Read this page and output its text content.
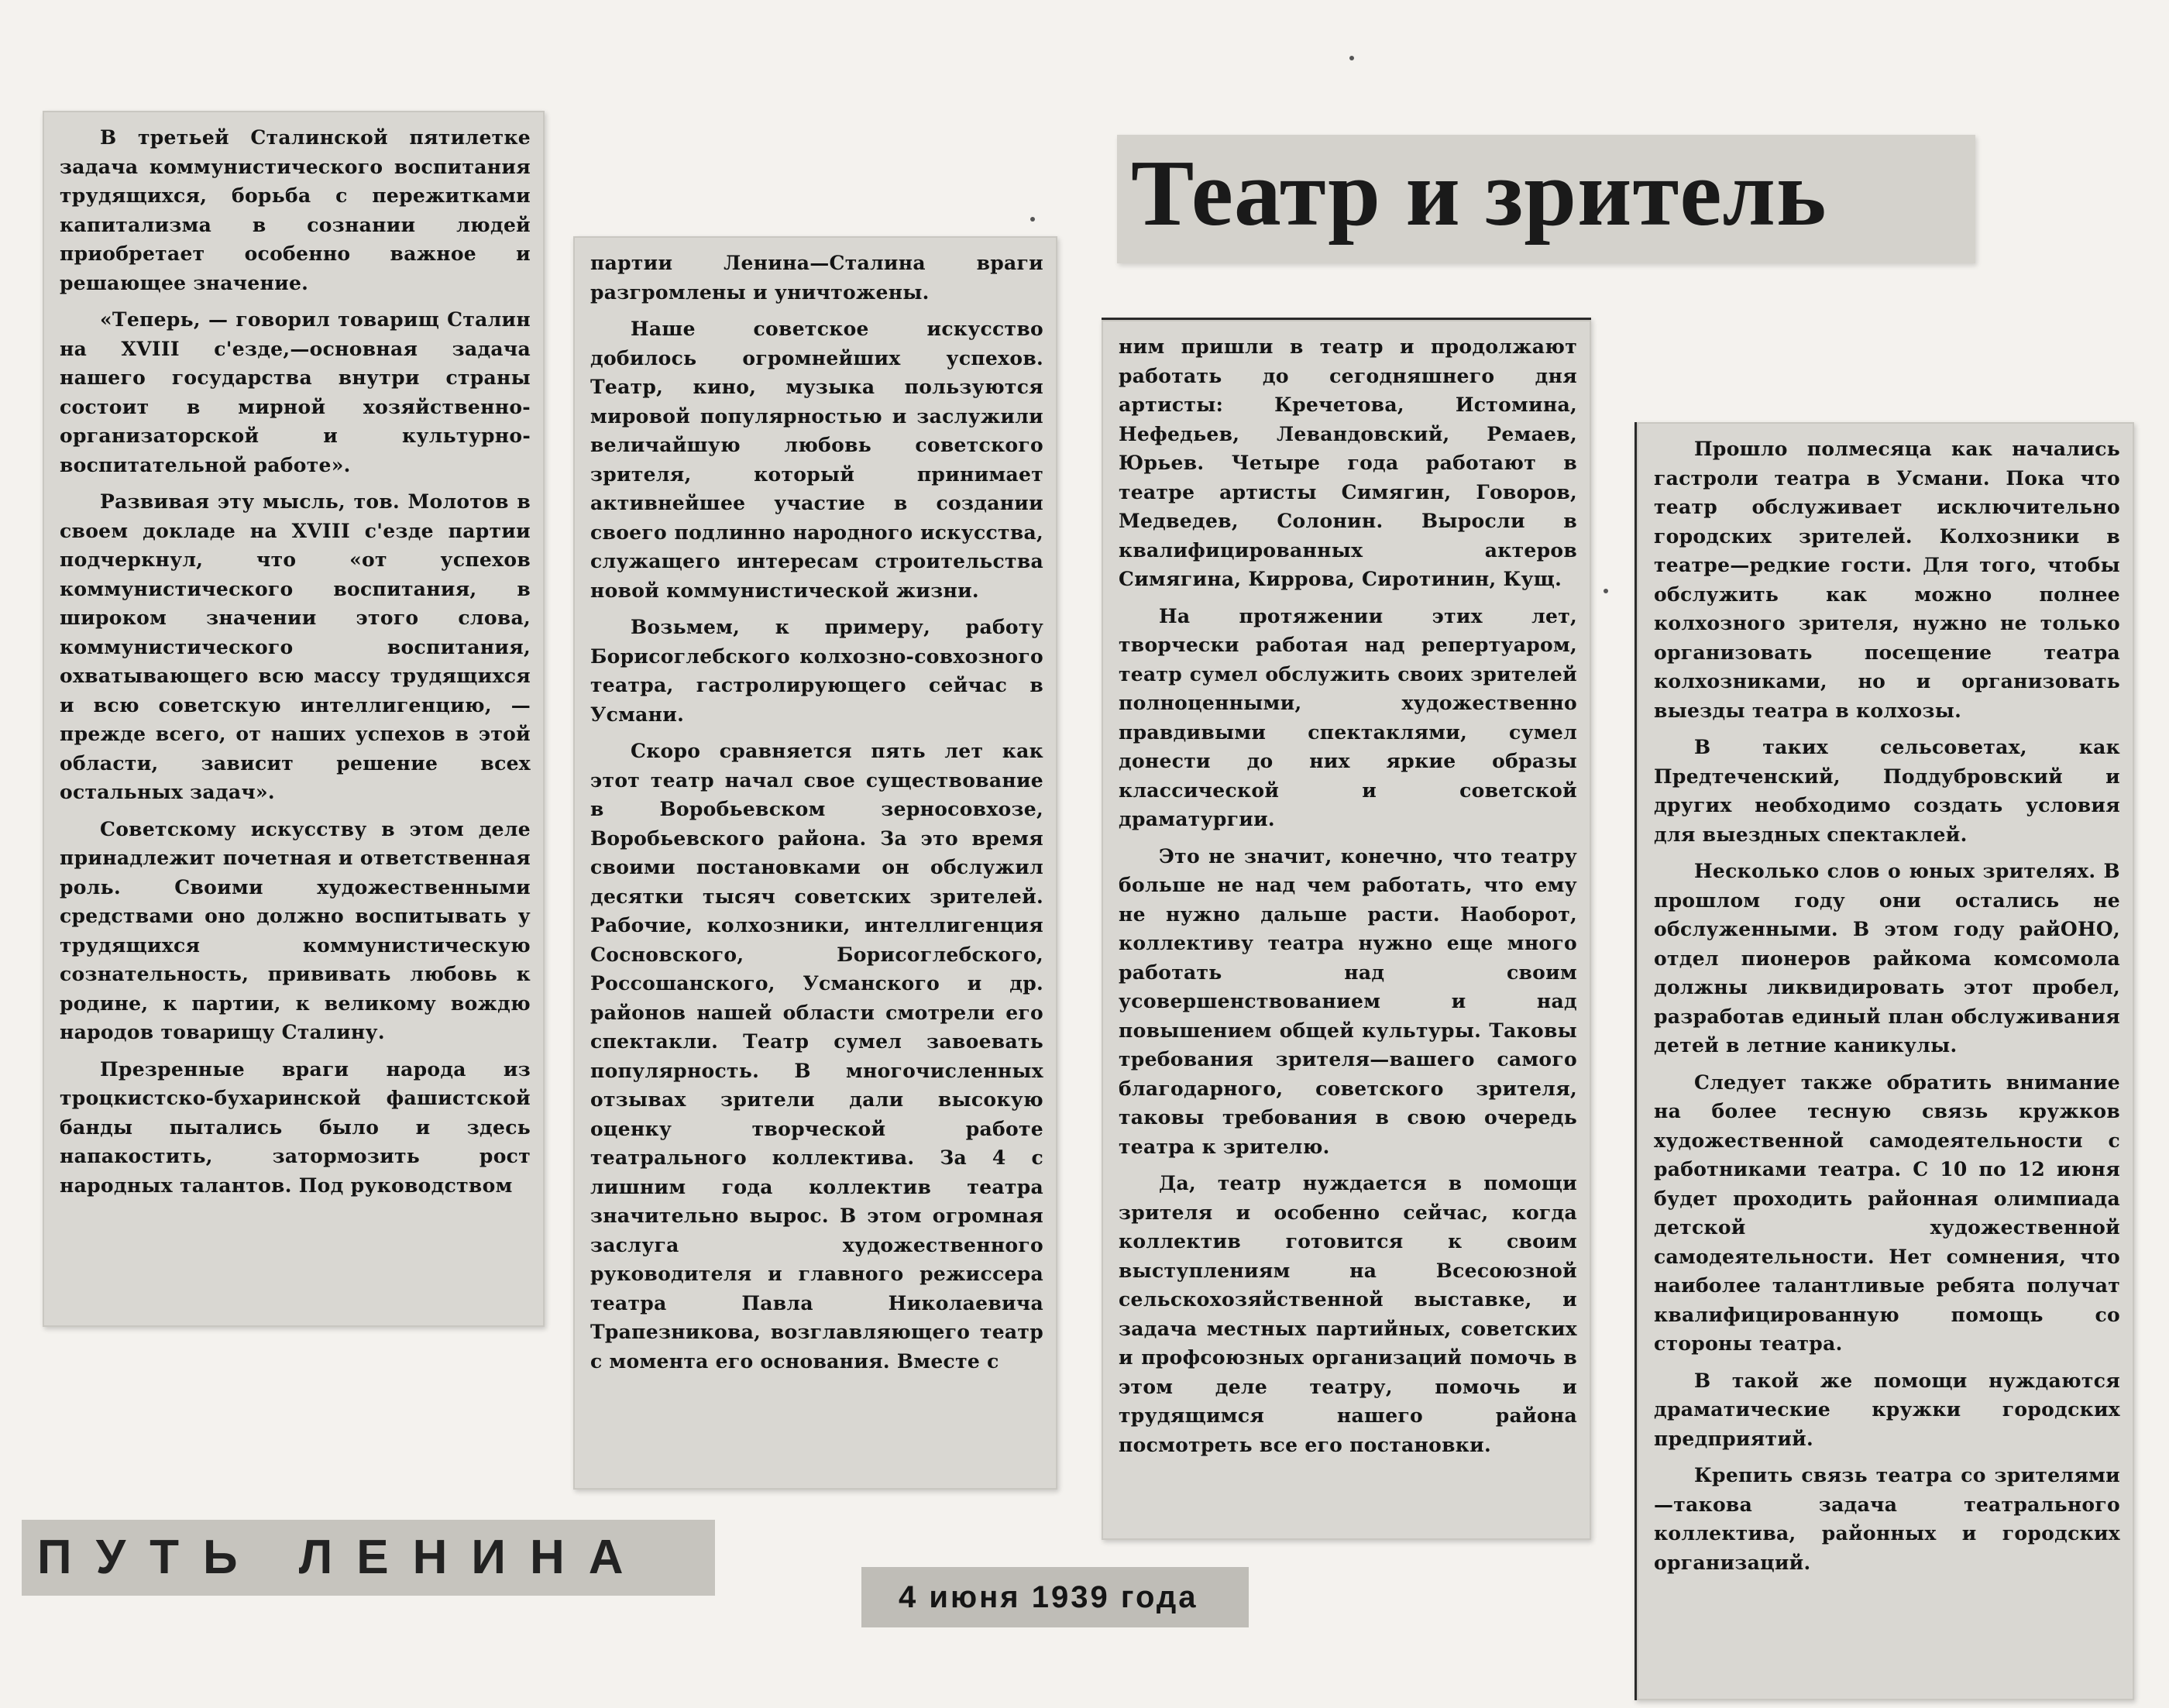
Театр и зритель

В третьей Сталинской пятилетке задача коммунистического воспитания трудящихся, борьба с пережитками капитализма в сознании людей приобретает особенно важное и решающее значение.

«Теперь, — говорил товарищ Сталин на XVIII с'езде,—основная задача нашего государства внутри страны состоит в мирной хозяйственно-организаторской и культурно-воспитательной работе».

Развивая эту мысль, тов. Молотов в своем докладе на XVIII с'езде партии подчеркнул, что «от успехов коммунистического воспитания, в широком значении этого слова, коммунистического воспитания, охватывающего всю массу трудящихся и всю советскую интеллигенцию, —прежде всего, от наших успехов в этой области, зависит решение всех остальных задач».

Советскому искусству в этом деле принадлежит почетная и ответственная роль. Своими художественными средствами оно должно воспитывать у трудящихся коммунистическую сознательность, прививать любовь к родине, к партии, к великому вождю народов товарищу Сталину.

Презренные враги народа из троцкистско-бухаринской фашистской банды пытались было и здесь напакостить, затормозить рост народных талантов. Под руководством

партии Ленина—Сталина враги разгромлены и уничтожены.

Наше советское искусство добилось огромнейших успехов. Театр, кино, музыка пользуются мировой популярностью и заслужили величайшую любовь советского зрителя, который принимает активнейшее участие в создании своего подлинно народного искусства, служащего интересам строительства новой коммунистической жизни.

Возьмем, к примеру, работу Борисоглебского колхозно-совхозного театра, гастролирующего сейчас в Усмани.

Скоро сравняется пять лет как этот театр начал свое существование в Воробьевском зерносовхозе, Воробьевского района. За это время своими постановками он обслужил десятки тысяч советских зрителей. Рабочие, колхозники, интеллигенция Сосновского, Борисоглебского, Россошанского, Усманского и др. районов нашей области смотрели его спектакли. Театр сумел завоевать популярность. В многочисленных отзывах зрители дали высокую оценку творческой работе театрального коллектива. За 4 с лишним года коллектив театра значительно вырос. В этом огромная заслуга художественного руководителя и главного режиссера театра Павла Николаевича Трапезникова, возглавляющего театр с момента его основания. Вместе с

ним пришли в театр и продолжают работать до сегодняшнего дня артисты: Кречетова, Истомина, Нефедьев, Левандовский, Ремаев, Юрьев. Четыре года работают в театре артисты Симягин, Говоров, Медведев, Солонин. Выросли в квалифицированных актеров Симягина, Киррова, Сиротинин, Кущ.

На протяжении этих лет, творчески работая над репертуаром, театр сумел обслужить своих зрителей полноценными, художественно правдивыми спектаклями, сумел донести до них яркие образы классической и советской драматургии.

Это не значит, конечно, что театру больше не над чем работать, что ему не нужно дальше расти. Наоборот, коллективу театра нужно еще много работать над своим усовершенствованием и над повышением общей культуры. Таковы требования зрителя—вашего самого благодарного, советского зрителя, таковы требования в свою очередь театра к зрителю.

Да, театр нуждается в помощи зрителя и особенно сейчас, когда коллектив готовится к своим выступлениям на Всесоюзной сельскохозяйственной выставке, и задача местных партийных, советских и профсоюзных организаций помочь в этом деле театру, помочь и трудящимся нашего района посмотреть все его постановки.

Прошло полмесяца как начались гастроли театра в Усмани. Пока что театр обслуживает исключительно городских зрителей. Колхозники в театре—редкие гости. Для того, чтобы обслужить как можно полнее колхозного зрителя, нужно не только организовать посещение театра колхозниками, но и организовать выезды театра в колхозы.

В таких сельсоветах, как Предтеченский, Поддубровский и других необходимо создать условия для выездных спектаклей.

Несколько слов о юных зрителях. В прошлом году они остались не обслуженными. В этом году райОНО, отдел пионеров райкома комсомола должны ликвидировать этот пробел, разработав единый план обслуживания детей в летние каникулы.

Следует также обратить внимание на более тесную связь кружков художественной самодеятельности с работниками театра. С 10 по 12 июня будет проходить районная олимпиада детской художественной самодеятельности. Нет сомнения, что наиболее талантливые ребята получат квалифицированную помощь со стороны театра.

В такой же помощи нуждаются драматические кружки городских предприятий.

Крепить связь театра со зрителями—такова задача театрального коллектива, районных и городских организаций.

ПУТЬ ЛЕНИНА
4 июня 1939 года
